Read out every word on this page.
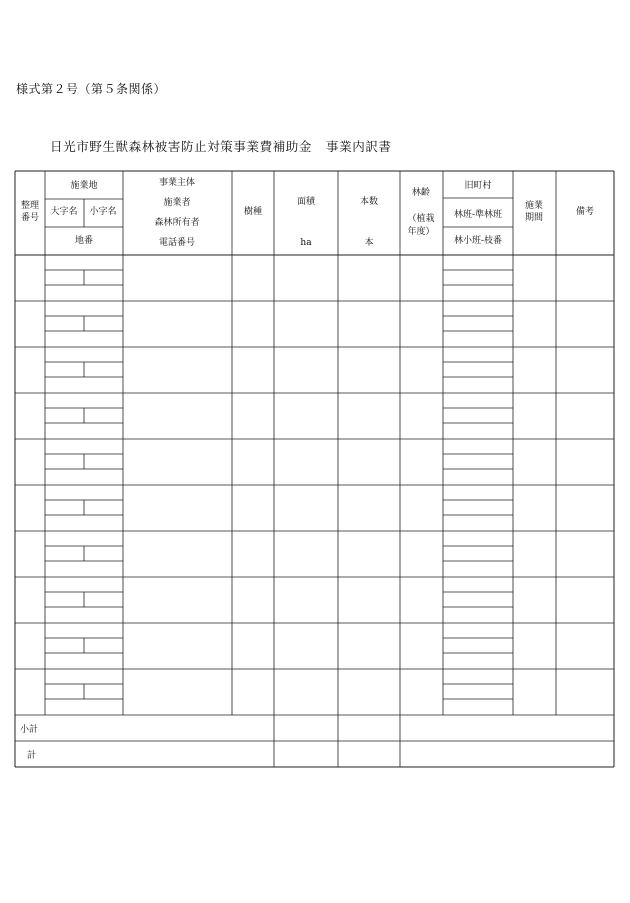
様式第２号（第５条関係）
日光市野生獣森林被害防止対策事業費補助金 事業内訳書
整理
番号
施業地
大字名 小字名
地番
事業主体
施業者
森林所有者
電話番号
樹種
面積
ha
本数
本
林齢
（植栽
年度）
旧町村
林班-準林班
林小班-枝番
施業
期間
備考
小計
計
